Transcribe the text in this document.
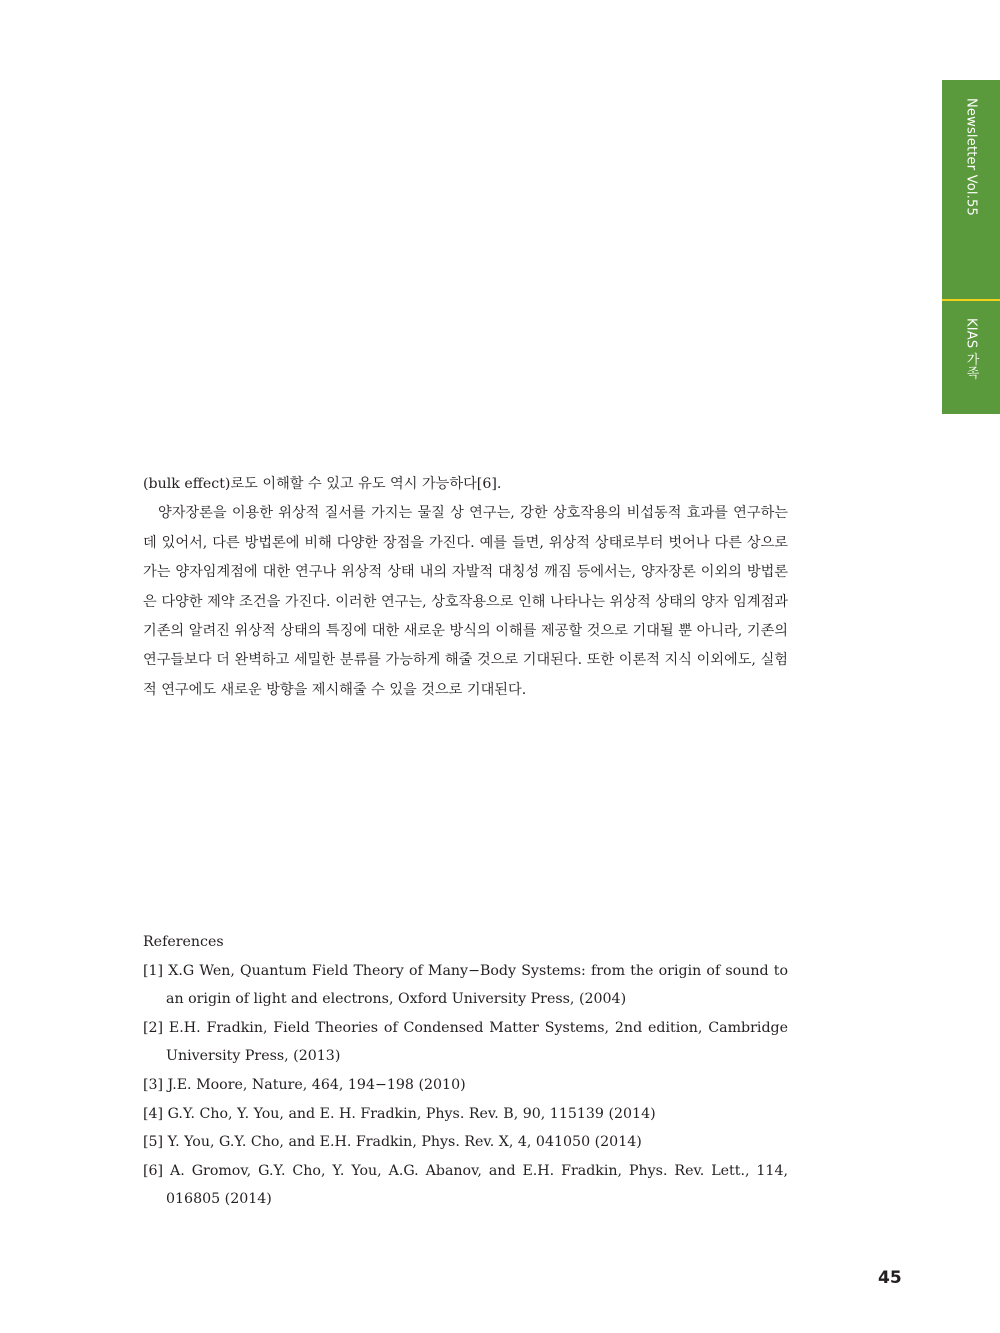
Newsletter Vol.55
KIAS 가족

(bulk effect)로도 이해할 수 있고 유도 역시 가능하다[6].

양자장론을 이용한 위상적 질서를 가지는 물질 상 연구는, 강한 상호작용의 비섭동적 효과를 연구하는 데 있어서, 다른 방법론에 비해 다양한 장점을 가진다. 예를 들면, 위상적 상태로부터 벗어나 다른 상으로 가는 양자임계점에 대한 연구나 위상적 상태 내의 자발적 대칭성 깨짐 등에서는, 양자장론 이외의 방법론은 다양한 제약 조건을 가진다. 이러한 연구는, 상호작용으로 인해 나타나는 위상적 상태의 양자 임계점과 기존의 알려진 위상적 상태의 특징에 대한 새로운 방식의 이해를 제공할 것으로 기대될 뿐 아니라, 기존의 연구들보다 더 완벽하고 세밀한 분류를 가능하게 해줄 것으로 기대된다. 또한 이론적 지식 이외에도, 실험적 연구에도 새로운 방향을 제시해줄 수 있을 것으로 기대된다.

References

[1] X.G Wen, Quantum Field Theory of Many−Body Systems: from the origin of sound to an origin of light and electrons, Oxford University Press, (2004)
[2] E.H. Fradkin, Field Theories of Condensed Matter Systems, 2nd edition, Cambridge University Press, (2013)
[3] J.E. Moore, Nature, 464, 194−198 (2010)
[4] G.Y. Cho, Y. You, and E. H. Fradkin, Phys. Rev. B, 90, 115139 (2014)
[5] Y. You, G.Y. Cho, and E.H. Fradkin, Phys. Rev. X, 4, 041050 (2014)
[6] A. Gromov, G.Y. Cho, Y. You, A.G. Abanov, and E.H. Fradkin, Phys. Rev. Lett., 114, 016805 (2014)
45
